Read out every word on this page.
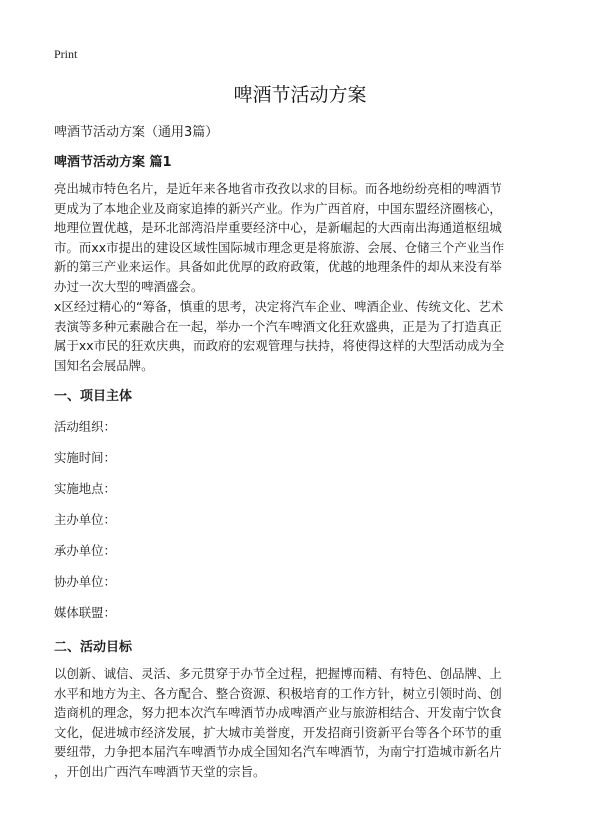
Print
啤酒节活动方案

啤酒节活动方案（通用3篇）

啤酒节活动方案 篇1

亮出城市特色名片，是近年来各地省市孜孜以求的目标。而各地纷纷亮相的啤酒节
更成为了本地企业及商家追捧的新兴产业。作为广西首府，中国东盟经济圈核心，
地理位置优越，是环北部湾沿岸重要经济中心，是新崛起的大西南出海通道枢纽城
市。而xx市提出的建设区域性国际城市理念更是将旅游、会展、仓储三个产业当作
新的第三产业来运作。具备如此优厚的政府政策，优越的地理条件的却从来没有举
办过一次大型的啤酒盛会。

x区经过精心的“筹备，慎重的思考，决定将汽车企业、啤酒企业、传统文化、艺术
表演等多种元素融合在一起，举办一个汽车啤酒文化狂欢盛典，正是为了打造真正
属于xx市民的狂欢庆典，而政府的宏观管理与扶持，将使得这样的大型活动成为全
国知名会展品牌。

一、项目主体

活动组织：

实施时间：

实施地点：

主办单位：

承办单位：

协办单位：

媒体联盟：

二、活动目标

以创新、诚信、灵活、多元贯穿于办节全过程，把握博而精、有特色、创品牌、上
水平和地方为主、各方配合、整合资源、积极培育的工作方针，树立引领时尚、创
造商机的理念，努力把本次汽车啤酒节办成啤酒产业与旅游相结合、开发南宁饮食
文化，促进城市经济发展，扩大城市美誉度，开发招商引资新平台等各个环节的重
要纽带，力争把本届汽车啤酒节办成全国知名汽车啤酒节，为南宁打造城市新名片
，开创出广西汽车啤酒节天堂的宗旨。
